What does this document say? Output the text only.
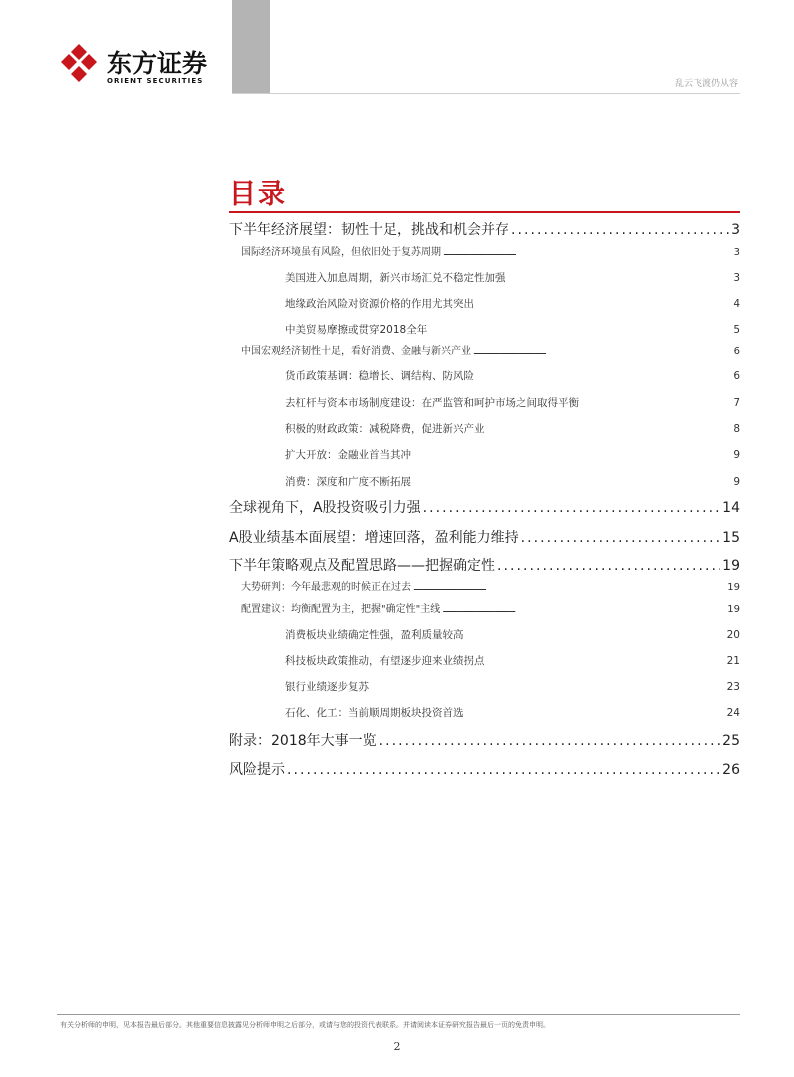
东方证券
ORIENT SECURITIES	乱云飞渡仍从容
目录
下半年经济展望：韧性十足，挑战和机会并存 . . .	3
国际经济环境虽有风险，但依旧处于复苏周期 . . .	3
美国进入加息周期，新兴市场汇兑不稳定性加强	3
地缘政治风险对资源价格的作用尤其突出	4
中美贸易摩擦或贯穿2018全年	5
中国宏观经济韧性十足，看好消费、金融与新兴产业 . . .	6
货币政策基调：稳增长、调结构、防风险	6
去杠杆与资本市场制度建设：在严监管和呵护市场之间取得平衡	7
积极的财政政策：减税降费，促进新兴产业	8
扩大开放：金融业首当其冲	9
消费：深度和广度不断拓展	9
全球视角下，A股投资吸引力强 . . .	14
A股业绩基本面展望：增速回落，盈利能力维持 . . .	15
下半年策略观点及配置思路——把握确定性 . . .	19
大势研判：今年最悲观的时候正在过去 . . .	19
配置建议：均衡配置为主，把握"确定性"主线 . . .	19
消费板块业绩确定性强，盈利质量较高	20
科技板块政策推动，有望逐步迎来业绩拐点	21
银行业绩逐步复苏	23
石化、化工：当前顺周期板块投资首选	24
附录：2018年大事一览 . . .	25
风险提示 . . .	26
有关分析师的申明，见本报告最后部分。其他重要信息披露见分析师申明之后部分，或请与您的投资代表联系。并请阅读本证券研究报告最后一页的免责申明。
2
